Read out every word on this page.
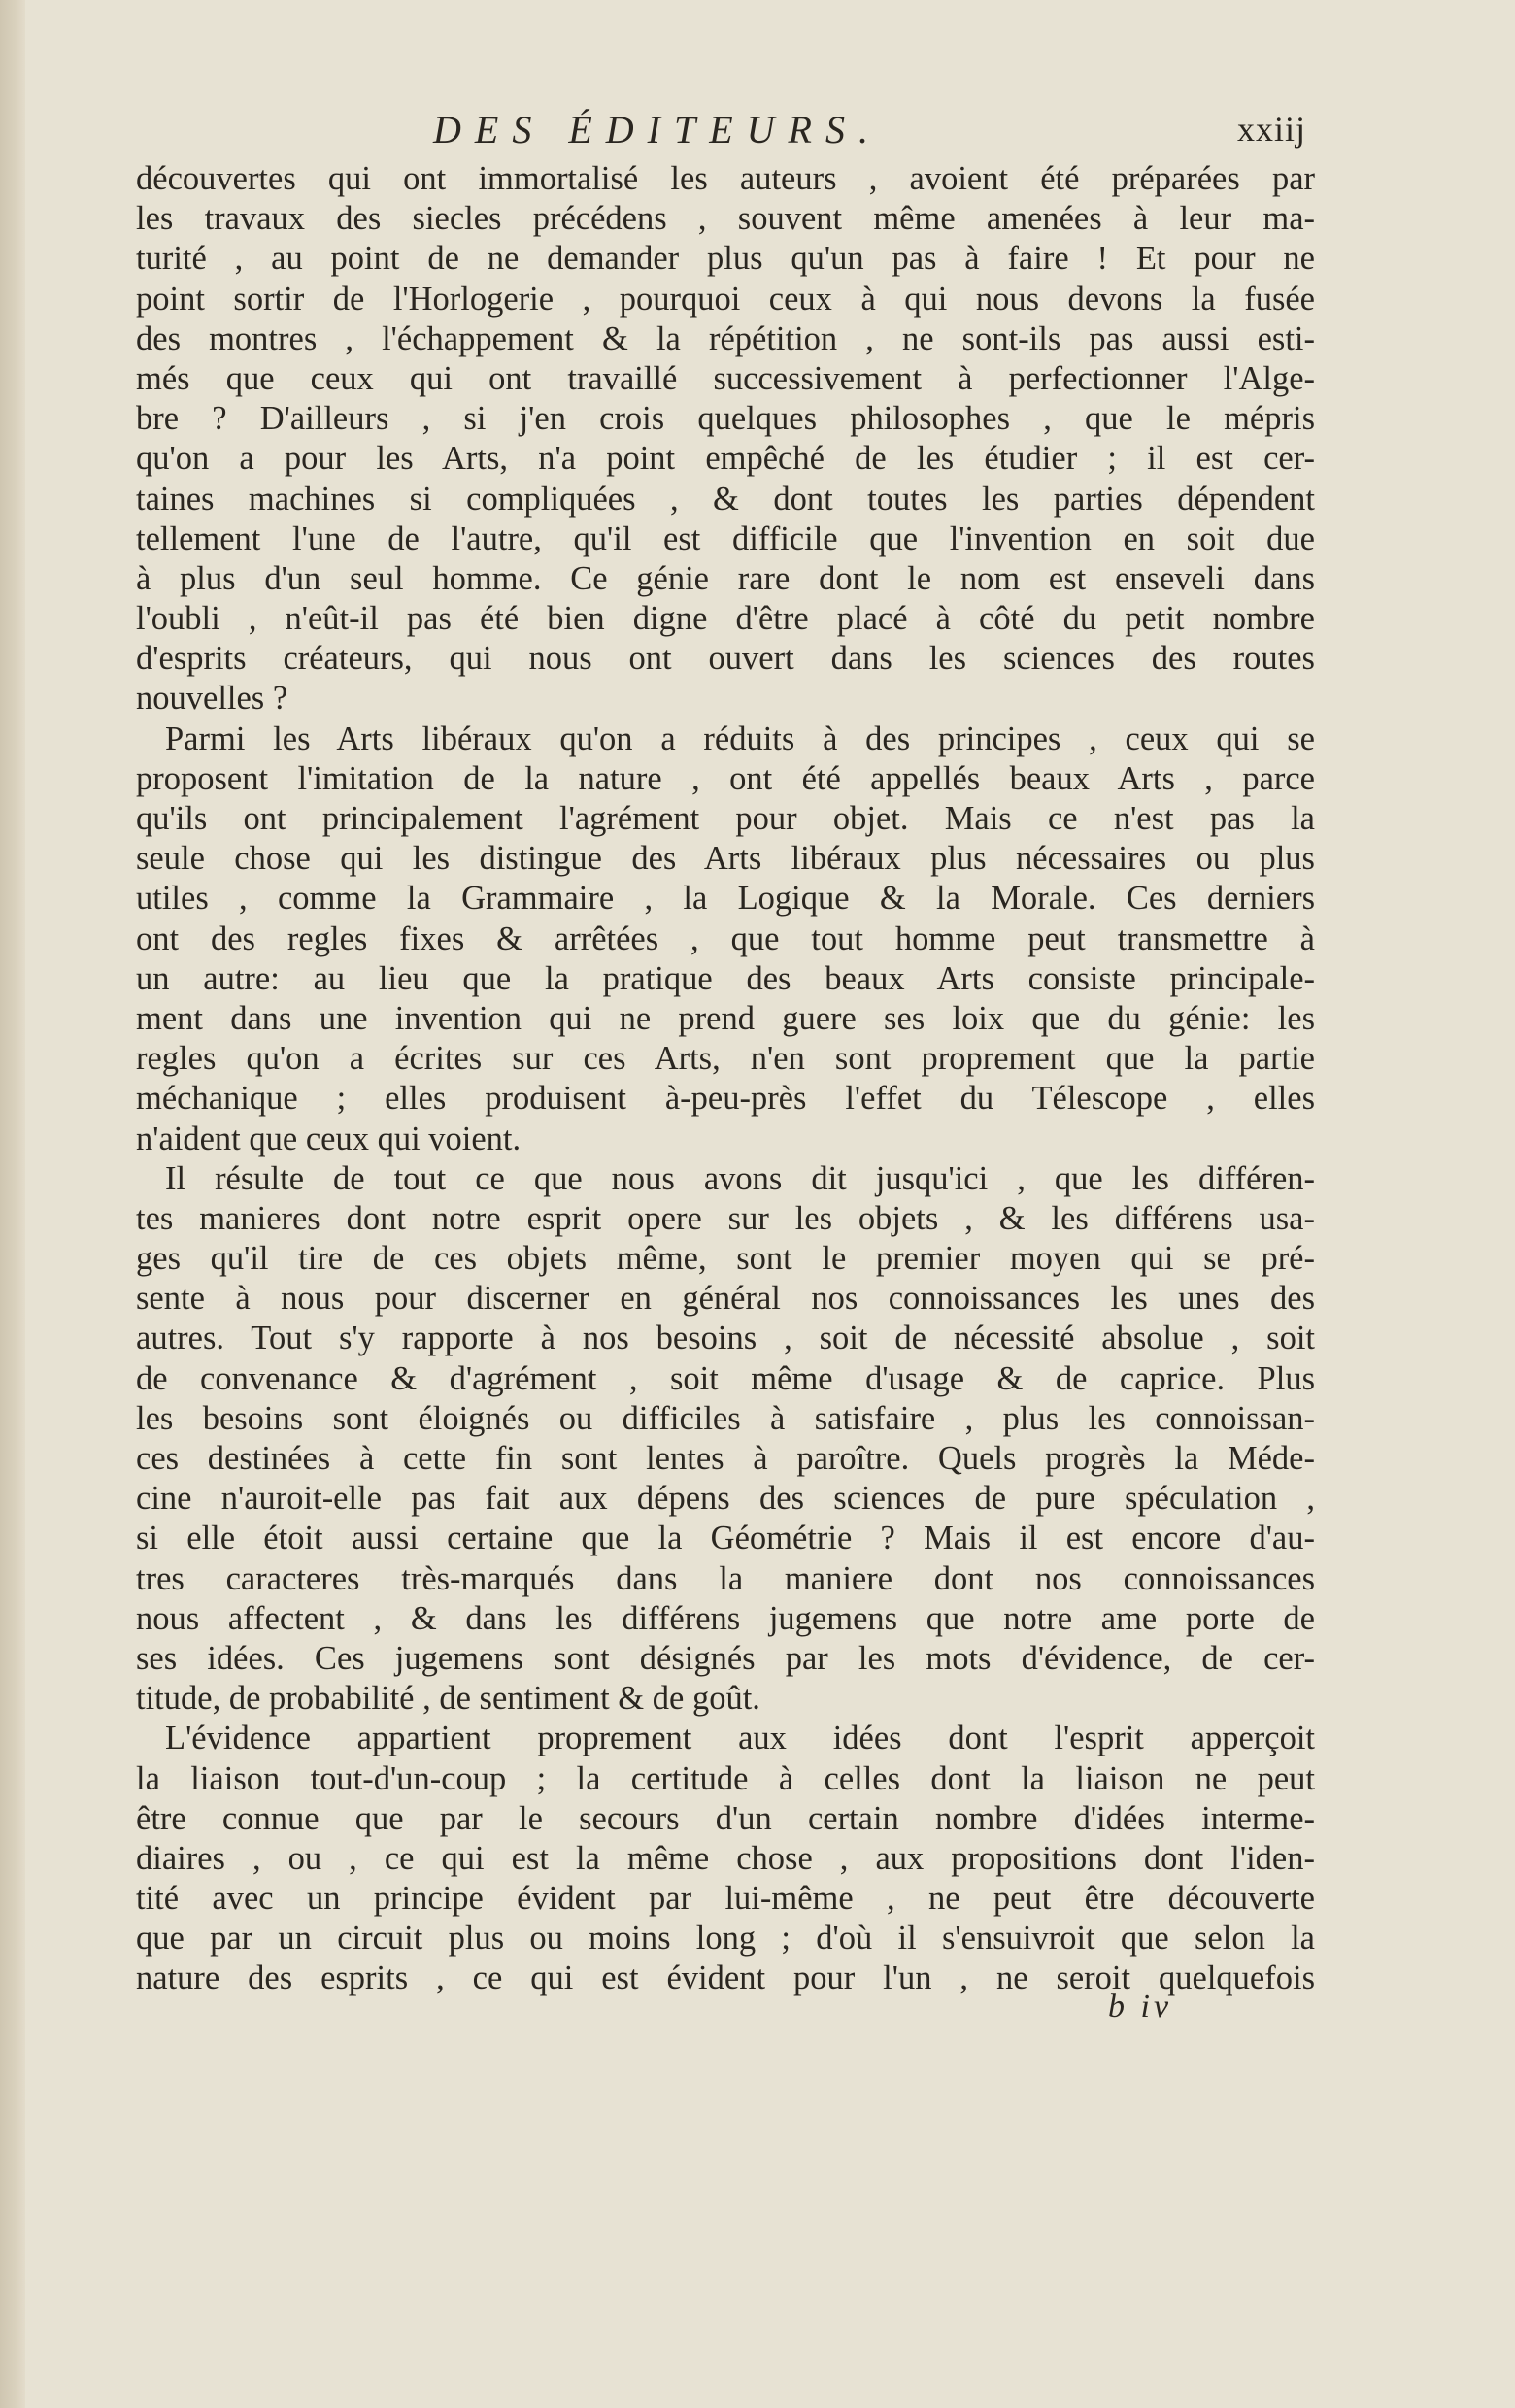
DES ÉDITEURS.	xxiij
découvertes qui ont immortalisé les auteurs , avoient été préparées par
les travaux des siecles précédens , souvent même amenées à leur ma-
turité , au point de ne demander plus qu'un pas à faire ! Et pour ne
point sortir de l'Horlogerie , pourquoi ceux à qui nous devons la fusée
des montres , l'échappement & la répétition , ne sont-ils pas aussi esti-
més que ceux qui ont travaillé successivement à perfectionner l'Alge-
bre ? D'ailleurs , si j'en crois quelques philosophes , que le mépris
qu'on a pour les Arts, n'a point empêché de les étudier ; il est cer-
taines machines si compliquées , & dont toutes les parties dépendent
tellement l'une de l'autre, qu'il est difficile que l'invention en soit due
à plus d'un seul homme. Ce génie rare dont le nom est enseveli dans
l'oubli , n'eût-il pas été bien digne d'être placé à côté du petit nombre
d'esprits créateurs, qui nous ont ouvert dans les sciences des routes
nouvelles ?
Parmi les Arts libéraux qu'on a réduits à des principes , ceux qui se
proposent l'imitation de la nature , ont été appellés beaux Arts , parce
qu'ils ont principalement l'agrément pour objet. Mais ce n'est pas la
seule chose qui les distingue des Arts libéraux plus nécessaires ou plus
utiles , comme la Grammaire , la Logique & la Morale. Ces derniers
ont des regles fixes & arrêtées , que tout homme peut transmettre à
un autre: au lieu que la pratique des beaux Arts consiste principale-
ment dans une invention qui ne prend guere ses loix que du génie: les
regles qu'on a écrites sur ces Arts, n'en sont proprement que la partie
méchanique ; elles produisent à-peu-près l'effet du Télescope , elles
n'aident que ceux qui voient.
Il résulte de tout ce que nous avons dit jusqu'ici , que les différen-
tes manieres dont notre esprit opere sur les objets , & les différens usa-
ges qu'il tire de ces objets même, sont le premier moyen qui se pré-
sente à nous pour discerner en général nos connoissances les unes des
autres. Tout s'y rapporte à nos besoins , soit de nécessité absolue , soit
de convenance & d'agrément , soit même d'usage & de caprice. Plus
les besoins sont éloignés ou difficiles à satisfaire , plus les connoissan-
ces destinées à cette fin sont lentes à paroître. Quels progrès la Méde-
cine n'auroit-elle pas fait aux dépens des sciences de pure spéculation ,
si elle étoit aussi certaine que la Géométrie ? Mais il est encore d'au-
tres caracteres très-marqués dans la maniere dont nos connoissances
nous affectent , & dans les différens jugemens que notre ame porte de
ses idées. Ces jugemens sont désignés par les mots d'évidence, de cer-
titude, de probabilité , de sentiment & de goût.
L'évidence appartient proprement aux idées dont l'esprit apperçoit
la liaison tout-d'un-coup ; la certitude à celles dont la liaison ne peut
être connue que par le secours d'un certain nombre d'idées interme-
diaires , ou , ce qui est la même chose , aux propositions dont l'iden-
tité avec un principe évident par lui-même , ne peut être découverte
que par un circuit plus ou moins long ; d'où il s'ensuivroit que selon la
nature des esprits , ce qui est évident pour l'un , ne seroit quelquefois
b iv
